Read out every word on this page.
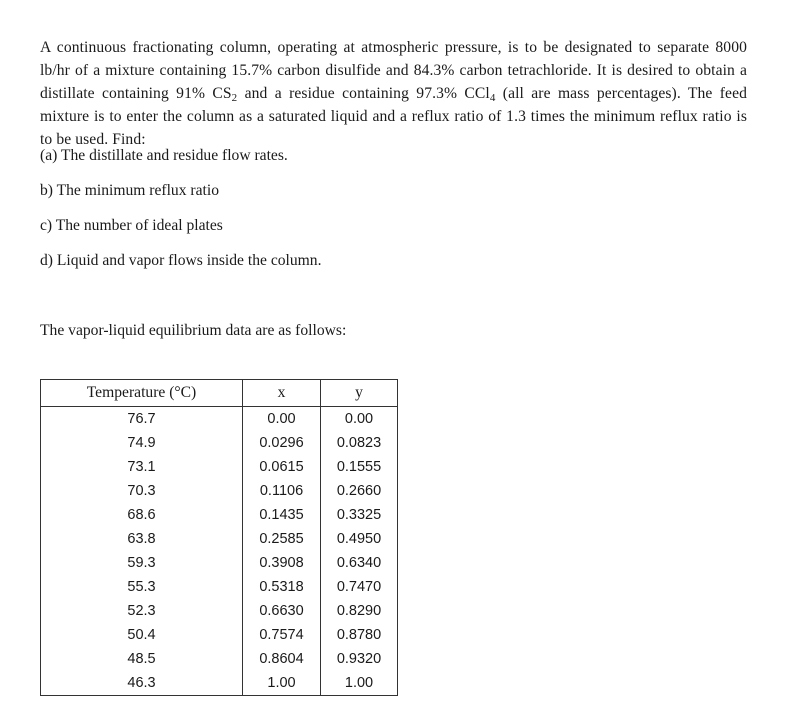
A continuous fractionating column, operating at atmospheric pressure, is to be designated to separate 8000 lb/hr of a mixture containing 15.7% carbon disulfide and 84.3% carbon tetrachloride. It is desired to obtain a distillate containing 91% $CS_2$ and a residue containing 97.3% CCl$_4$ (all are mass percentages). The feed mixture is to enter the column as a saturated liquid and a reflux ratio of 1.3 times the minimum reflux ratio is to be used. Find:

(a) The distillate and residue flow rates.
b) The minimum reflux ratio
c) The number of ideal plates
d) Liquid and vapor flows inside the column.
The vapor-liquid equilibrium data are as follows:
Temperature (°C)	x	y
76.7	0.00	0.00
74.9	0.0296	0.0823
73.1	0.0615	0.1555
70.3	0.1106	0.2660
68.6	0.1435	0.3325
63.8	0.2585	0.4950
59.3	0.3908	0.6340
55.3	0.5318	0.7470
52.3	0.6630	0.8290
50.4	0.7574	0.8780
48.5	0.8604	0.9320
46.3	1.00	1.00
